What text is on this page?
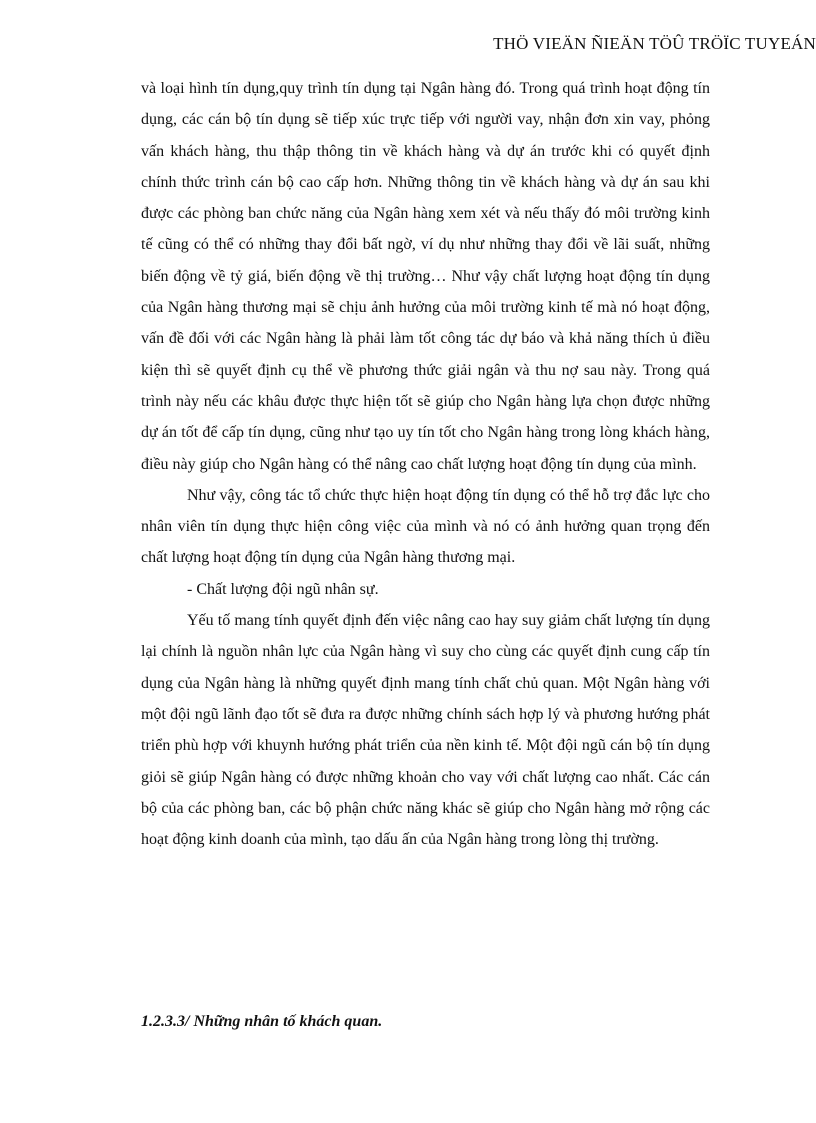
THÖ VIEÄN ÑIEÄN TÖÛ TRÖÏC TUYEÁN

và loại hình tín dụng,quy trình tín dụng tại Ngân hàng đó. Trong quá trình hoạt động tín dụng, các cán bộ tín dụng sẽ tiếp xúc trực tiếp với người vay, nhận đơn xin vay, phỏng vấn khách hàng, thu thập thông tin về khách hàng và dự án trước khi có quyết định chính thức trình cán bộ cao cấp hơn. Những thông tin về khách hàng và dự án sau khi được các phòng ban chức năng của Ngân hàng xem xét và nếu thấy đó môi trường kinh tế cũng có thể có những thay đổi bất ngờ, ví dụ như những thay đổi về lãi suất, những biến động về tỷ giá, biến động về thị trường… Như vậy chất lượng hoạt động tín dụng của Ngân hàng thương mại sẽ chịu ảnh hưởng của môi trường kinh tế mà nó hoạt động, vấn đề đối với các Ngân hàng là phải làm tốt công tác dự báo và khả năng thích ủ điều kiện thì sẽ quyết định cụ thể về phương thức giải ngân và thu nợ sau này. Trong quá trình này nếu các khâu được thực hiện tốt sẽ giúp cho Ngân hàng lựa chọn được những dự án tốt để cấp tín dụng, cũng như tạo uy tín tốt cho Ngân hàng trong lòng khách hàng, điều này giúp cho Ngân hàng có thể nâng cao chất lượng hoạt động tín dụng của mình.

Như vậy, công tác tổ chức thực hiện hoạt động tín dụng có thể hỗ trợ đắc lực cho nhân viên tín dụng thực hiện công việc của mình và nó có ảnh hưởng quan trọng đến chất lượng hoạt động tín dụng của Ngân hàng thương mại.

- Chất lượng đội ngũ nhân sự.

Yếu tố mang tính quyết định đến việc nâng cao hay suy giảm chất lượng tín dụng lại chính là nguồn nhân lực của Ngân hàng vì suy cho cùng các quyết định cung cấp tín dụng của Ngân hàng là những quyết định mang tính chất chủ quan. Một Ngân hàng với một đội ngũ lãnh đạo tốt sẽ đưa ra được những chính sách hợp lý và phương hướng phát triển phù hợp với khuynh hướng phát triển của nền kinh tế. Một đội ngũ cán bộ tín dụng giỏi sẽ giúp Ngân hàng có được những khoản cho vay với chất lượng cao nhất. Các cán bộ của các phòng ban, các bộ phận chức năng khác sẽ giúp cho Ngân hàng mở rộng các hoạt động kinh doanh của mình, tạo dấu ấn của Ngân hàng trong lòng thị trường.

1.2.3.3/ Những nhân tố khách quan.
